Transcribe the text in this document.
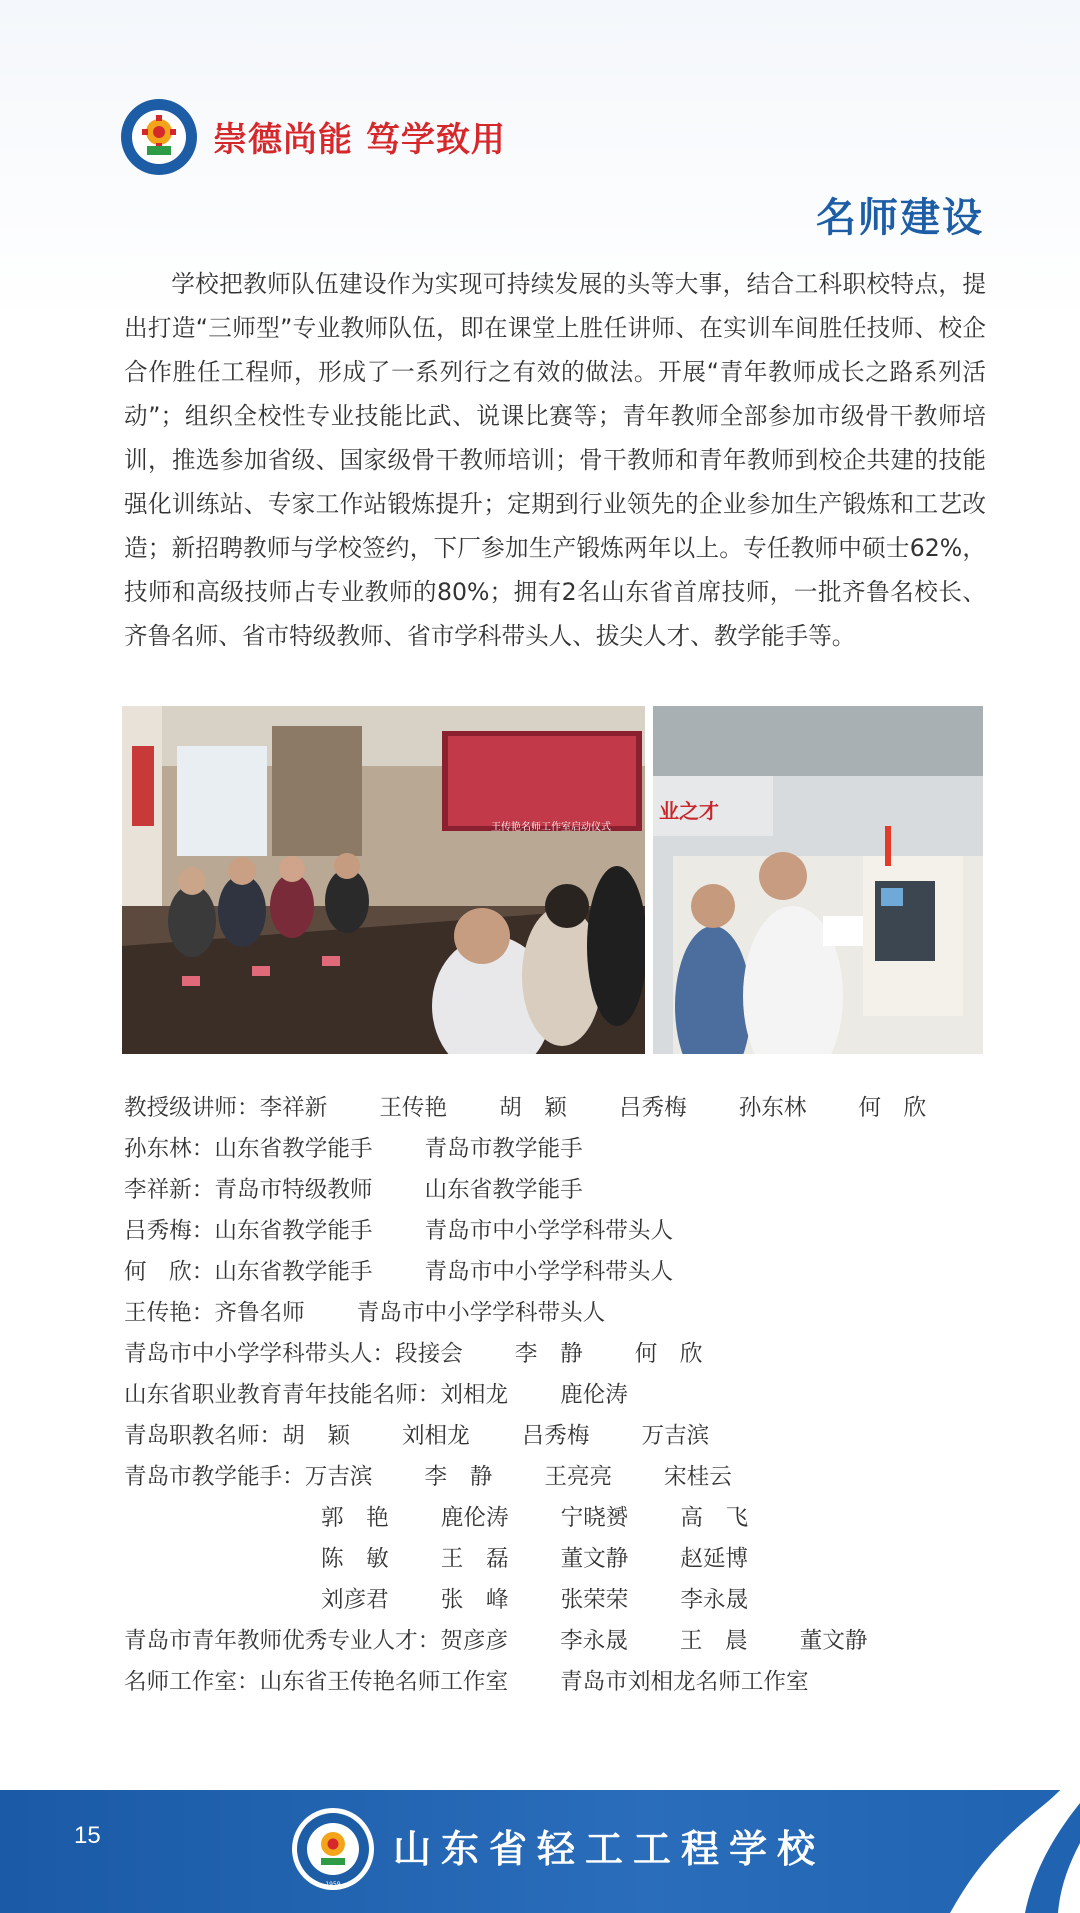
崇德尚能 笃学致用
名师建设

学校把教师队伍建设作为实现可持续发展的头等大事，结合工科职校特点，提出打造“三师型”专业教师队伍，即在课堂上胜任讲师、在实训车间胜任技师、校企合作胜任工程师，形成了一系列行之有效的做法。开展“青年教师成长之路系列活动”；组织全校性专业技能比武、说课比赛等；青年教师全部参加市级骨干教师培训，推选参加省级、国家级骨干教师培训；骨干教师和青年教师到校企共建的技能强化训练站、专家工作站锻炼提升；定期到行业领先的企业参加生产锻炼和工艺改造；新招聘教师与学校签约，下厂参加生产锻炼两年以上。专任教师中硕士62%，技师和高级技师占专业教师的80%；拥有2名山东省首席技师，一批齐鲁名校长、齐鲁名师、省市特级教师、省市学科带头人、拔尖人才、教学能手等。

王传艳名师工作室启动仪式
业之才
教授级讲师：李祥新 王传艳 胡　颖 吕秀梅 孙东林 何　欣
孙东林：山东省教学能手 青岛市教学能手
李祥新：青岛市特级教师 山东省教学能手
吕秀梅：山东省教学能手 青岛市中小学学科带头人
何　欣：山东省教学能手 青岛市中小学学科带头人
王传艳：齐鲁名师 青岛市中小学学科带头人
青岛市中小学学科带头人：段接会 李　静 何　欣
山东省职业教育青年技能名师：刘相龙 鹿伦涛
青岛职教名师：胡　颖 刘相龙 吕秀梅 万吉滨
青岛市教学能手：万吉滨 李　静 王亮亮 宋桂云
郭　艳 鹿伦涛 宁晓赟 高　飞
陈　敏 王　磊 董文静 赵延博
刘彦君 张　峰 张荣荣 李永晟
青岛市青年教师优秀专业人才：贺彦彦 李永晟 王　晨 董文静
名师工作室：山东省王传艳名师工作室 青岛市刘相龙名师工作室
15
1959
山东省轻工工程学校
